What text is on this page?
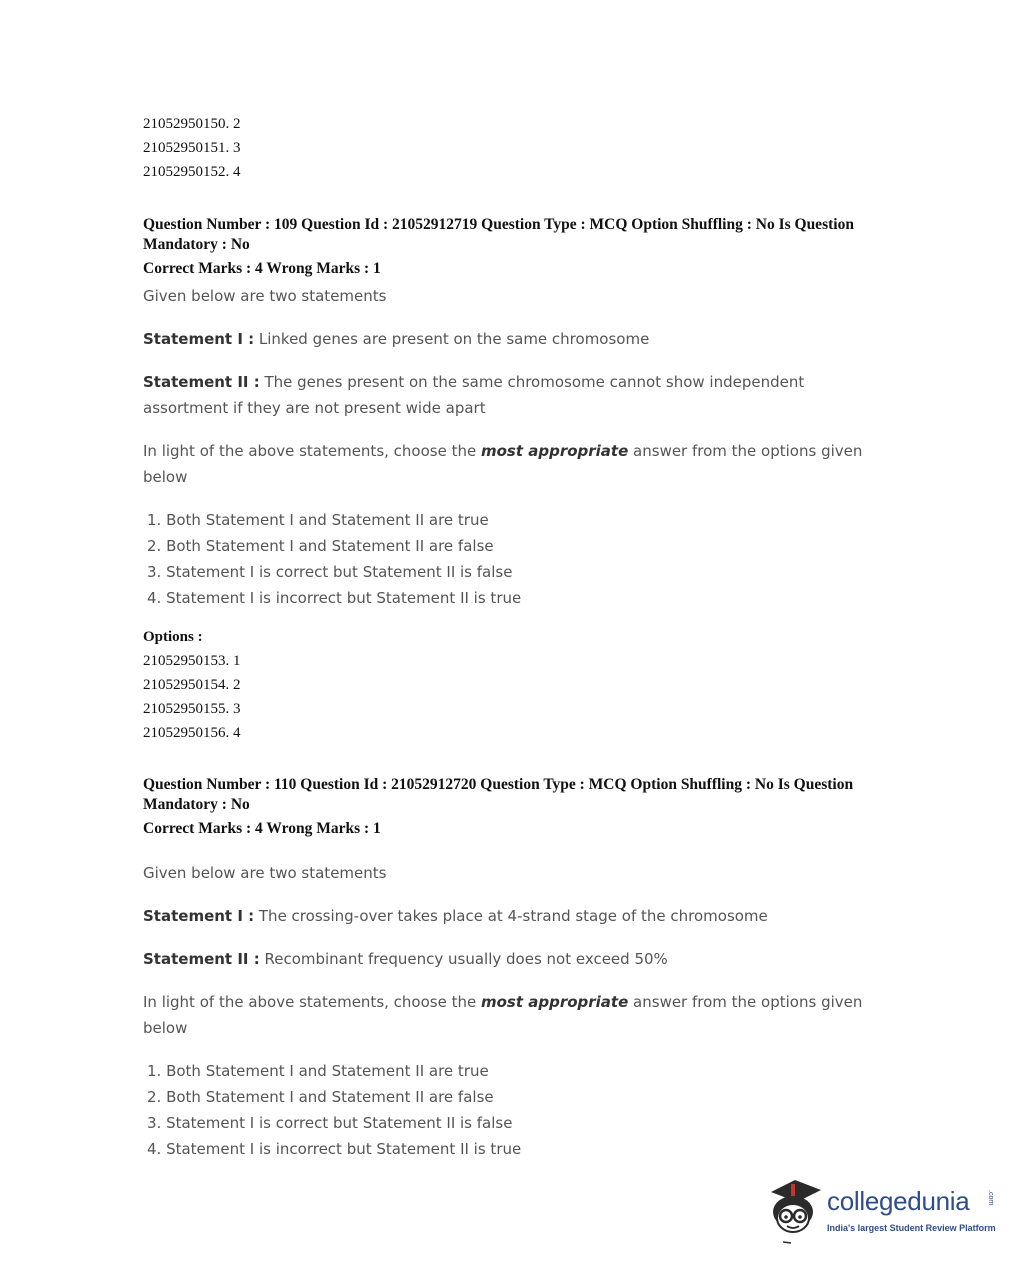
21052950150. 2

21052950151. 3

21052950152. 4

Question Number : 109 Question Id : 21052912719 Question Type : MCQ Option Shuffling : No Is Question Mandatory : No

Correct Marks : 4 Wrong Marks : 1

Given below are two statements

Statement I : Linked genes are present on the same chromosome

Statement II : The genes present on the same chromosome cannot show independent assortment if they are not present wide apart

In light of the above statements, choose the most appropriate answer from the options given below

1. Both Statement I and Statement II are true

2. Both Statement I and Statement II are false

3. Statement I is correct but Statement II is false

4. Statement I is incorrect but Statement II is true

Options :

21052950153. 1

21052950154. 2

21052950155. 3

21052950156. 4

Question Number : 110 Question Id : 21052912720 Question Type : MCQ Option Shuffling : No Is Question Mandatory : No

Correct Marks : 4 Wrong Marks : 1

Given below are two statements

Statement I : The crossing-over takes place at 4-strand stage of the chromosome

Statement II : Recombinant frequency usually does not exceed 50%

In light of the above statements, choose the most appropriate answer from the options given below

1. Both Statement I and Statement II are true

2. Both Statement I and Statement II are false

3. Statement I is correct but Statement II is false

4. Statement I is incorrect but Statement II is true

collegedunia	.com
India's largest Student Review Platform
